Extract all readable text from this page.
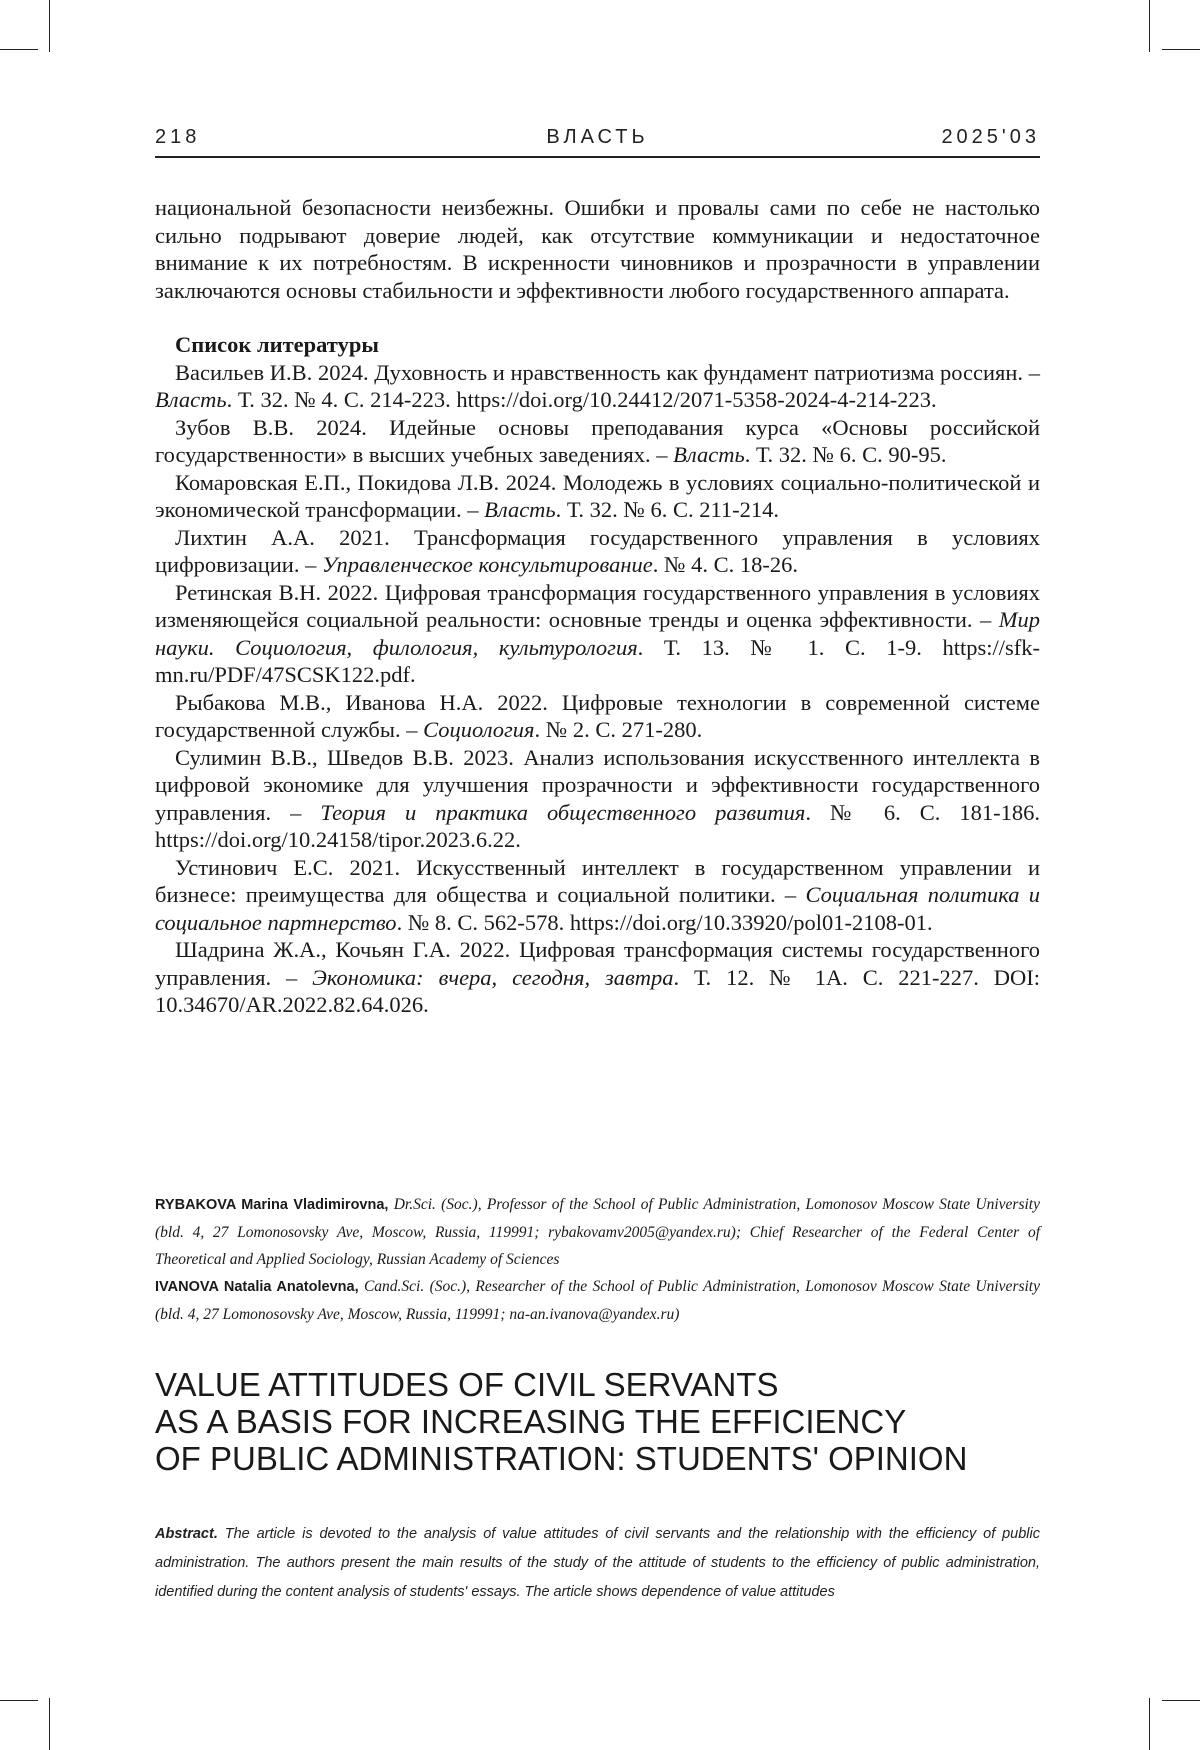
218	ВЛАСТЬ	2025'03

национальной безопасности неизбежны. Ошибки и провалы сами по себе не настолько сильно подрывают доверие людей, как отсутствие коммуникации и недостаточное внимание к их потребностям. В искренности чиновников и прозрачности в управлении заключаются основы стабильности и эффективности любого государственного аппарата.

Список литературы

Васильев И.В. 2024. Духовность и нравственность как фундамент патриотизма россиян. – Власть. Т. 32. № 4. С. 214-223. https://doi.org/10.24412/2071-5358-2024-4-214-223.

Зубов В.В. 2024. Идейные основы преподавания курса «Основы российской государственности» в высших учебных заведениях. – Власть. Т. 32. № 6. С. 90-95.

Комаровская Е.П., Покидова Л.В. 2024. Молодежь в условиях социально-политической и экономической трансформации. – Власть. Т. 32. № 6. С. 211-214.

Лихтин А.А. 2021. Трансформация государственного управления в условиях цифровизации. – Управленческое консультирование. № 4. С. 18-26.

Ретинская В.Н. 2022. Цифровая трансформация государственного управления в условиях изменяющейся социальной реальности: основные тренды и оценка эффективности. – Мир науки. Социология, филология, культурология. Т. 13. № 1. С. 1-9. https://sfk-mn.ru/PDF/47SCSK122.pdf.

Рыбакова М.В., Иванова Н.А. 2022. Цифровые технологии в современной системе государственной службы. – Социология. № 2. С. 271-280.

Сулимин В.В., Шведов В.В. 2023. Анализ использования искусственного интеллекта в цифровой экономике для улучшения прозрачности и эффективности государственного управления. – Теория и практика общественного развития. № 6. С. 181-186. https://doi.org/10.24158/tipor.2023.6.22.

Устинович Е.С. 2021. Искусственный интеллект в государственном управлении и бизнесе: преимущества для общества и социальной политики. – Социальная политика и социальное партнерство. № 8. С. 562-578. https://doi.org/10.33920/pol01-2108-01.

Шадрина Ж.А., Кочьян Г.А. 2022. Цифровая трансформация системы государственного управления. – Экономика: вчера, сегодня, завтра. Т. 12. № 1А. С. 221-227. DOI: 10.34670/AR.2022.82.64.026.

RYBAKOVA Marina Vladimirovna, Dr.Sci. (Soc.), Professor of the School of Public Administration, Lomonosov Moscow State University (bld. 4, 27 Lomonosovsky Ave, Moscow, Russia, 119991; rybakovamv2005@yandex.ru); Chief Researcher of the Federal Center of Theoretical and Applied Sociology, Russian Academy of Sciences

IVANOVA Natalia Anatolevna, Cand.Sci. (Soc.), Researcher of the School of Public Administration, Lomonosov Moscow State University (bld. 4, 27 Lomonosovsky Ave, Moscow, Russia, 119991; na-an.ivanova@yandex.ru)

VALUE ATTITUDES OF CIVIL SERVANTS
AS A BASIS FOR INCREASING THE EFFICIENCY
OF PUBLIC ADMINISTRATION: STUDENTS' OPINION
Abstract. The article is devoted to the analysis of value attitudes of civil servants and the relationship with the efficiency of public administration. The authors present the main results of the study of the attitude of students to the efficiency of public administration, identified during the content analysis of students' essays. The article shows dependence of value attitudes
